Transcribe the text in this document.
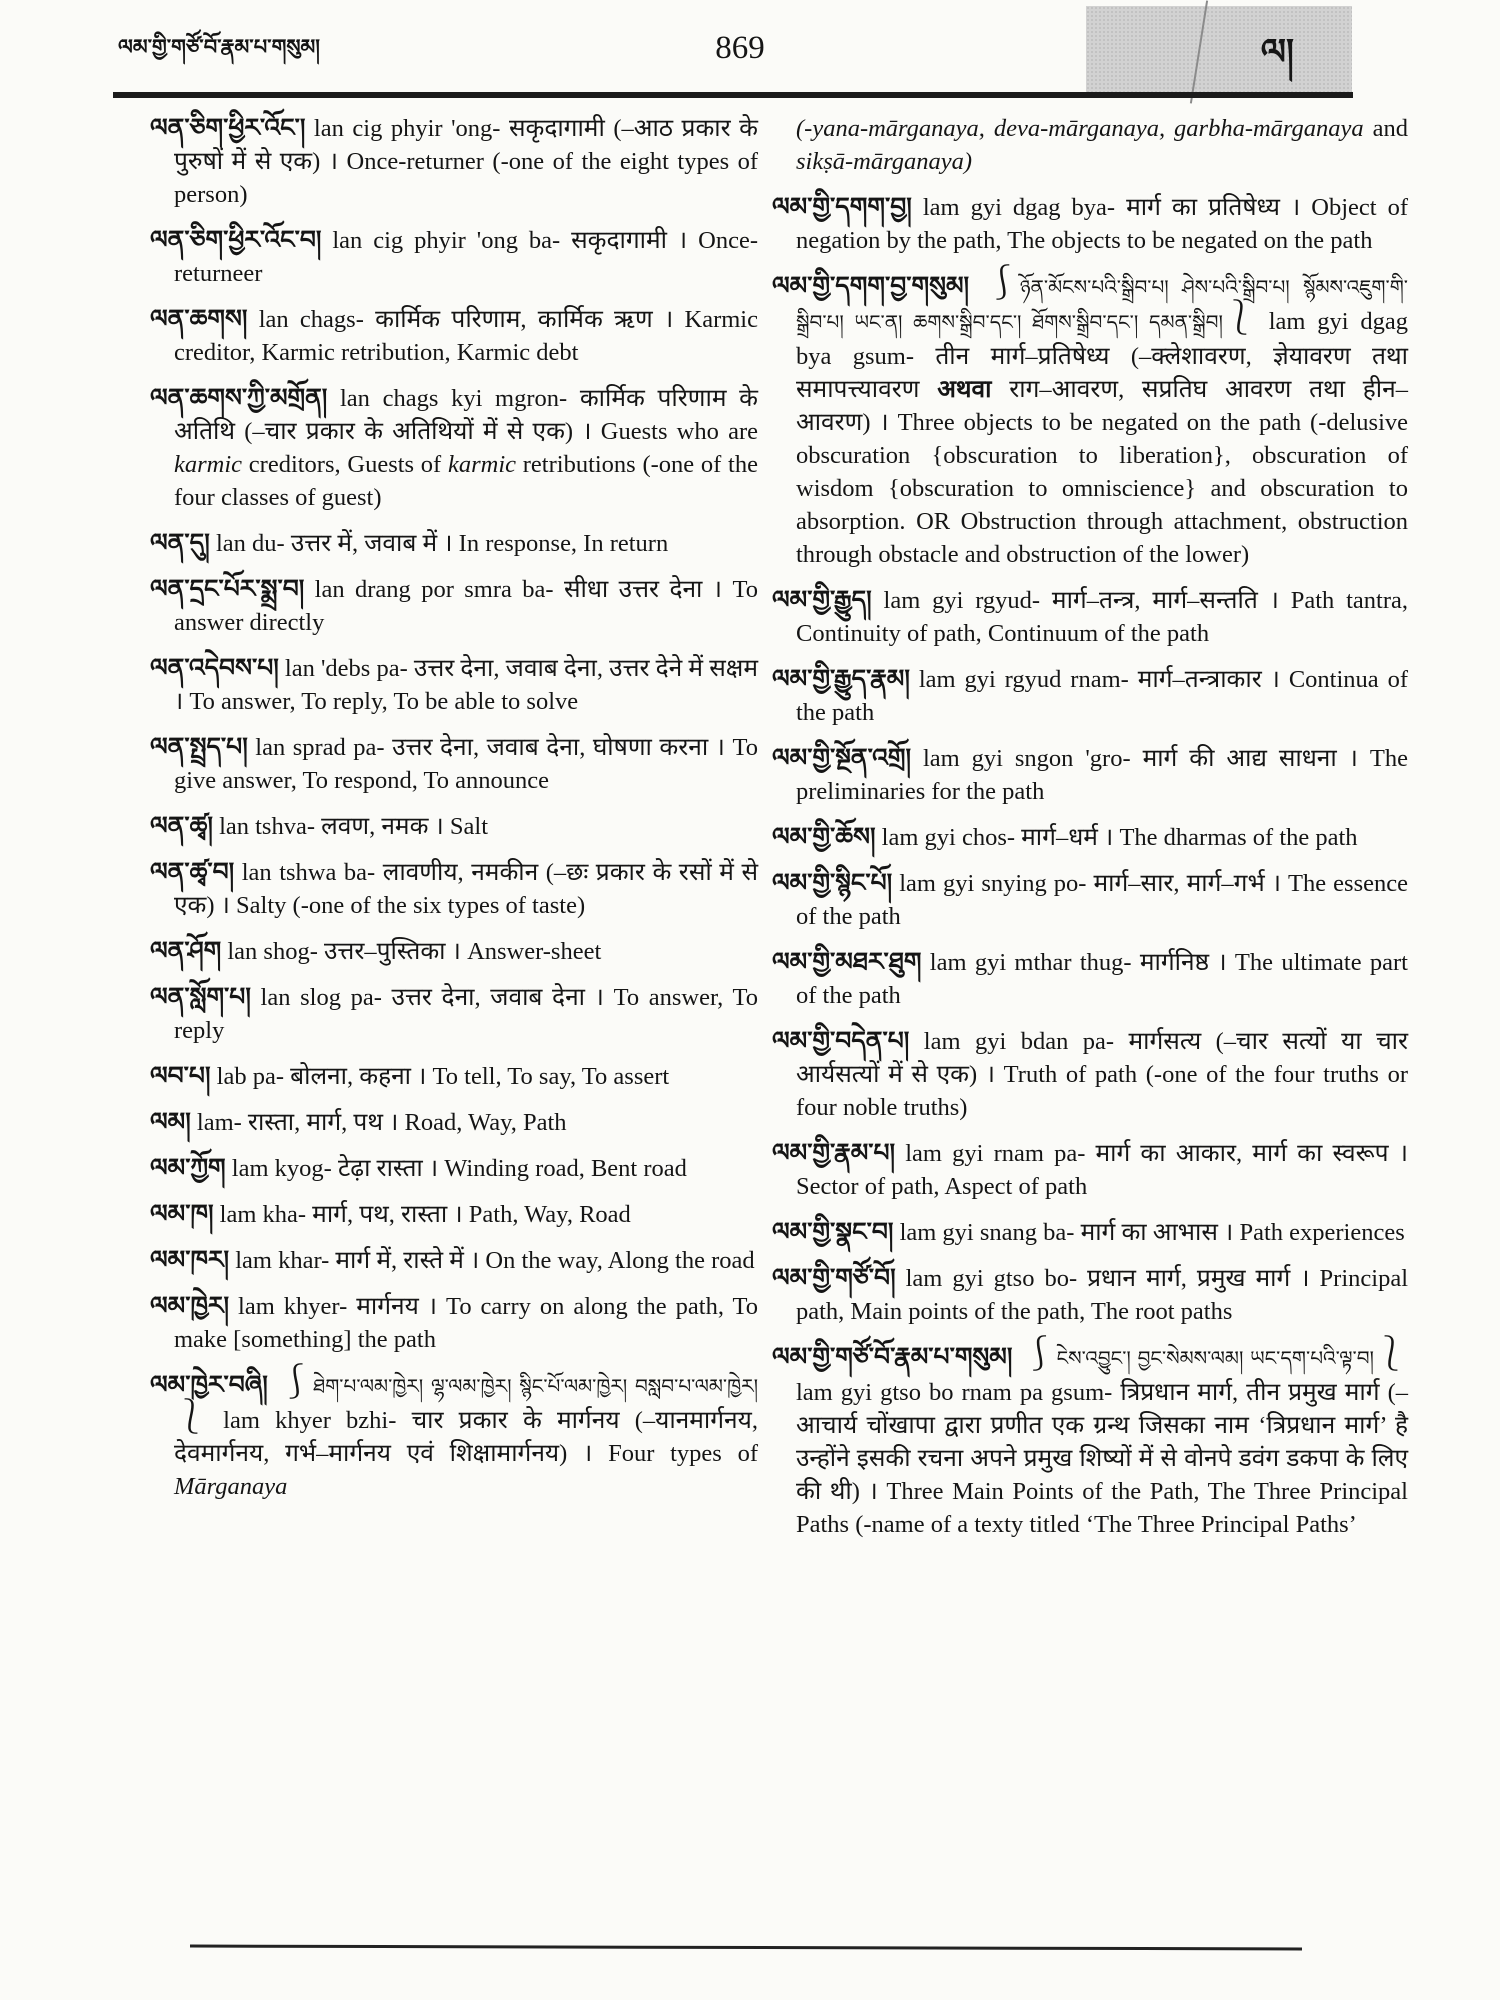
ལམ་གྱི་གཙོ་བོ་རྣམ་པ་གསུམ།	869	ལ།

ལན་ཅིག་ཕྱིར་འོང་། lan cig phyir 'ong- सकृदागामी (–आठ प्रकार के पुरुषों में से एक) । Once-returner (-one of the eight types of person)

ལན་ཅིག་ཕྱིར་འོང་བ། lan cig phyir 'ong ba- सकृदागामी । Once-returneer

ལན་ཆགས། lan chags- कार्मिक परिणाम, कार्मिक ऋण । Karmic creditor, Karmic retribution, Karmic debt

ལན་ཆགས་ཀྱི་མགྲོན། lan chags kyi mgron- कार्मिक परिणाम के अतिथि (–चार प्रकार के अतिथियों में से एक) । Guests who are karmic creditors, Guests of karmic retributions (-one of the four classes of guest)

ལན་དུ། lan du- उत्तर में, जवाब में । In response, In return

ལན་དྲང་པོར་སྨྲ་བ། lan drang por smra ba- सीधा उत्तर देना । To answer directly

ལན་འདེབས་པ། lan 'debs pa- उत्तर देना, जवाब देना, उत्तर देने में सक्षम । To answer, To reply, To be able to solve

ལན་སྤྲད་པ། lan sprad pa- उत्तर देना, जवाब देना, घोषणा करना । To give answer, To respond, To announce

ལན་ཚྭ། lan tshva- लवण, नमक । Salt

ལན་ཚྭ་བ། lan tshwa ba- लावणीय, नमकीन (–छः प्रकार के रसों में से एक) । Salty (-one of the six types of taste)

ལན་ཤོག lan shog- उत्तर–पुस्तिका । Answer-sheet

ལན་སློག་པ། lan slog pa- उत्तर देना, जवाब देना । To answer, To reply

ལབ་པ། lab pa- बोलना, कहना । To tell, To say, To assert

ལམ། lam- रास्ता, मार्ग, पथ । Road, Way, Path

ལམ་ཀྱོག lam kyog- टेढ़ा रास्ता । Winding road, Bent road

ལམ་ཁ། lam kha- मार्ग, पथ, रास्ता । Path, Way, Road

ལམ་ཁར། lam khar- मार्ग में, रास्ते में । On the way, Along the road

ལམ་ཁྱེར། lam khyer- मार्गनय । To carry on along the path, To make [something] the path

ལམ་ཁྱེར་བཞི། ⎰ཐེག་པ་ལམ་ཁྱེར། ལྷ་ལམ་ཁྱེར། སྙིང་པོ་ལམ་ཁྱེར། བསླབ་པ་ལམ་ཁྱེར།⎱ lam khyer bzhi- चार प्रकार के मार्गनय (–यानमार्गनय, देवमार्गनय, गर्भ–मार्गनय एवं शिक्षामार्गनय) । Four types of Mārganaya

(-yana-mārganaya, deva-mārganaya, garbha-mārganaya and sikṣā-mārganaya)

ལམ་གྱི་དགག་བྱ། lam gyi dgag bya- मार्ग का प्रतिषेध्य । Object of negation by the path, The objects to be negated on the path

ལམ་གྱི་དགག་བྱ་གསུམ། ⎰ཉོན་མོངས་པའི་སྒྲིབ་པ། ཤེས་པའི་སྒྲིབ་པ། སྙོམས་འཇུག་གི་སྒྲིབ་པ། ཡང་ན། ཆགས་སྒྲིབ་དང་། ཐོགས་སྒྲིབ་དང་། དམན་སྒྲིབ།⎱ lam gyi dgag bya gsum- तीन मार्ग–प्रतिषेध्य (–क्लेशावरण, ज्ञेयावरण तथा समापत्त्यावरण अथवा राग–आवरण, सप्रतिघ आवरण तथा हीन–आवरण) । Three objects to be negated on the path (-delusive obscuration {obscuration to liberation}, obscuration of wisdom {obscuration to omniscience} and obscuration to absorption. OR Obstruction through attachment, obstruction through obstacle and obstruction of the lower)

ལམ་གྱི་རྒྱུད། lam gyi rgyud- मार्ग–तन्त्र, मार्ग–सन्तति । Path tantra, Continuity of path, Continuum of the path

ལམ་གྱི་རྒྱུད་རྣམ། lam gyi rgyud rnam- मार्ग–तन्त्राकार । Continua of the path

ལམ་གྱི་སྔོན་འགྲོ། lam gyi sngon 'gro- मार्ग की आद्य साधना । The preliminaries for the path

ལམ་གྱི་ཆོས། lam gyi chos- मार्ग–धर्म । The dharmas of the path

ལམ་གྱི་སྙིང་པོ། lam gyi snying po- मार्ग–सार, मार्ग–गर्भ । The essence of the path

ལམ་གྱི་མཐར་ཐུག lam gyi mthar thug- मार्गनिष्ठ । The ultimate part of the path

ལམ་གྱི་བདེན་པ། lam gyi bdan pa- मार्गसत्य (–चार सत्यों या चार आर्यसत्यों में से एक) । Truth of path (-one of the four truths or four noble truths)

ལམ་གྱི་རྣམ་པ། lam gyi rnam pa- मार्ग का आकार, मार्ग का स्वरूप । Sector of path, Aspect of path

ལམ་གྱི་སྣང་བ། lam gyi snang ba- मार्ग का आभास । Path experiences

ལམ་གྱི་གཙོ་བོ། lam gyi gtso bo- प्रधान मार्ग, प्रमुख मार्ग । Principal path, Main points of the path, The root paths

ལམ་གྱི་གཙོ་བོ་རྣམ་པ་གསུམ། ⎰ངེས་འབྱུང་། བྱང་སེམས་ལམ། ཡང་དག་པའི་ལྟ་བ།⎱ lam gyi gtso bo rnam pa gsum- त्रिप्रधान मार्ग, तीन प्रमुख मार्ग (–आचार्य चोंखापा द्वारा प्रणीत एक ग्रन्थ जिसका नाम ‘त्रिप्रधान मार्ग’ है उन्होंने इसकी रचना अपने प्रमुख शिष्यों में से वोनपे डवंग डकपा के लिए की थी) । Three Main Points of the Path, The Three Principal Paths (-name of a texty titled ‘The Three Principal Paths’
